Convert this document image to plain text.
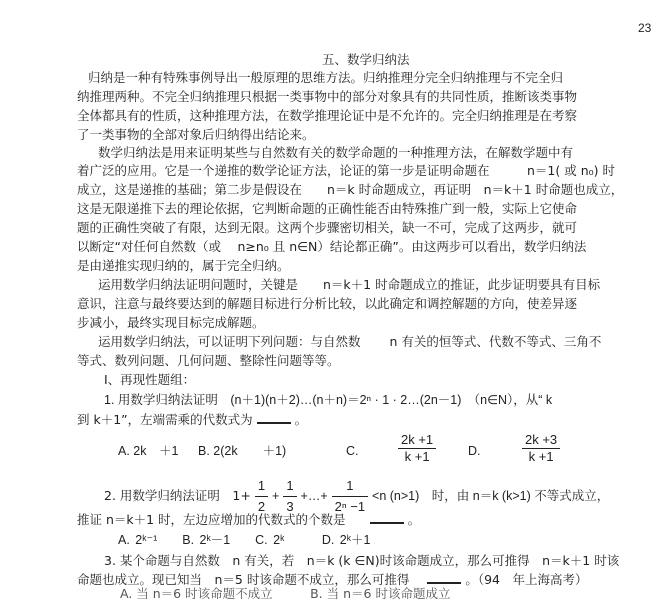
23
五、数学归纳法
归纳是一种有特殊事例导出一般原理的思维方法。归纳推理分完全归纳推理与不完全归
纳推理两种。不完全归纳推理只根据一类事物中的部分对象具有的共同性质，推断该类事物
全体都具有的性质，这种推理方法，在数学推理论证中是不允许的。完全归纳推理是在考察
了一类事物的全部对象后归纳得出结论来。
数学归纳法是用来证明某些与自然数有关的数学命题的一种推理方法，在解数学题中有
着广泛的应用。它是一个递推的数学论证方法，论证的第一步是证明命题在　　　n＝1( 或 n₀) 时
成立，这是递推的基础；第二步是假设在　　n＝k 时命题成立，再证明　n＝k＋1 时命题也成立，
这是无限递推下去的理论依据，它判断命题的正确性能否由特殊推广到一般，实际上它使命
题的正确性突破了有限，达到无限。这两个步骤密切相关，缺一不可，完成了这两步，就可
以断定“对任何自然数（或　 n≥n₀ 且 n∈N）结论都正确”。由这两步可以看出，数学归纳法
是由递推实现归纳的，属于完全归纳。
运用数学归纳法证明问题时，关键是　　n＝k＋1 时命题成立的推证，此步证明要具有目标
意识，注意与最终要达到的解题目标进行分析比较，以此确定和调控解题的方向，使差异逐
步减小，最终实现目标完成解题。
运用数学归纳法，可以证明下列问题：与自然数　　 n 有关的恒等式、代数不等式、三角不
等式、数列问题、几何问题、整除性问题等等。
Ⅰ、再现性题组：
1. 用数学归纳法证明　(n＋1)(n＋2)…(n＋n)＝2ⁿ · 1 · 2…(2n－1)　（n∈N），从“ k
到 k＋1”，左端需乘的代数式为	。
A. 2k　＋1 B. 2(2k　　＋1)	C.	$\frac{2k +1}{k +1}$	D.	$\frac{2k +3}{k +1}$
2. 用数学归纳法证明　$1+ \frac{1}{2} + \frac{1}{3}$ +…+ $\frac{1}{\text{2ⁿ −1}} <n$ (n>1)　时，由 n＝k (k>1) 不等式成立，
推证 n＝k＋1 时，左边应增加的代数式的个数是	。
A. 2ᵏ⁻¹　　B. 2ᵏ－1　　C. 2ᵏ　　　D. 2ᵏ＋1
3. 某个命题与自然数　n 有关，若　n＝k (k ∈N)时该命题成立，那么可推得　n＝k＋1 时该
命题也成立。现已知当　n＝5 时该命题不成立，那么可推得	。（94　年上海高考）
A. 当 n＝6 时该命题不成立　　　B. 当 n＝6 时该命题成立
